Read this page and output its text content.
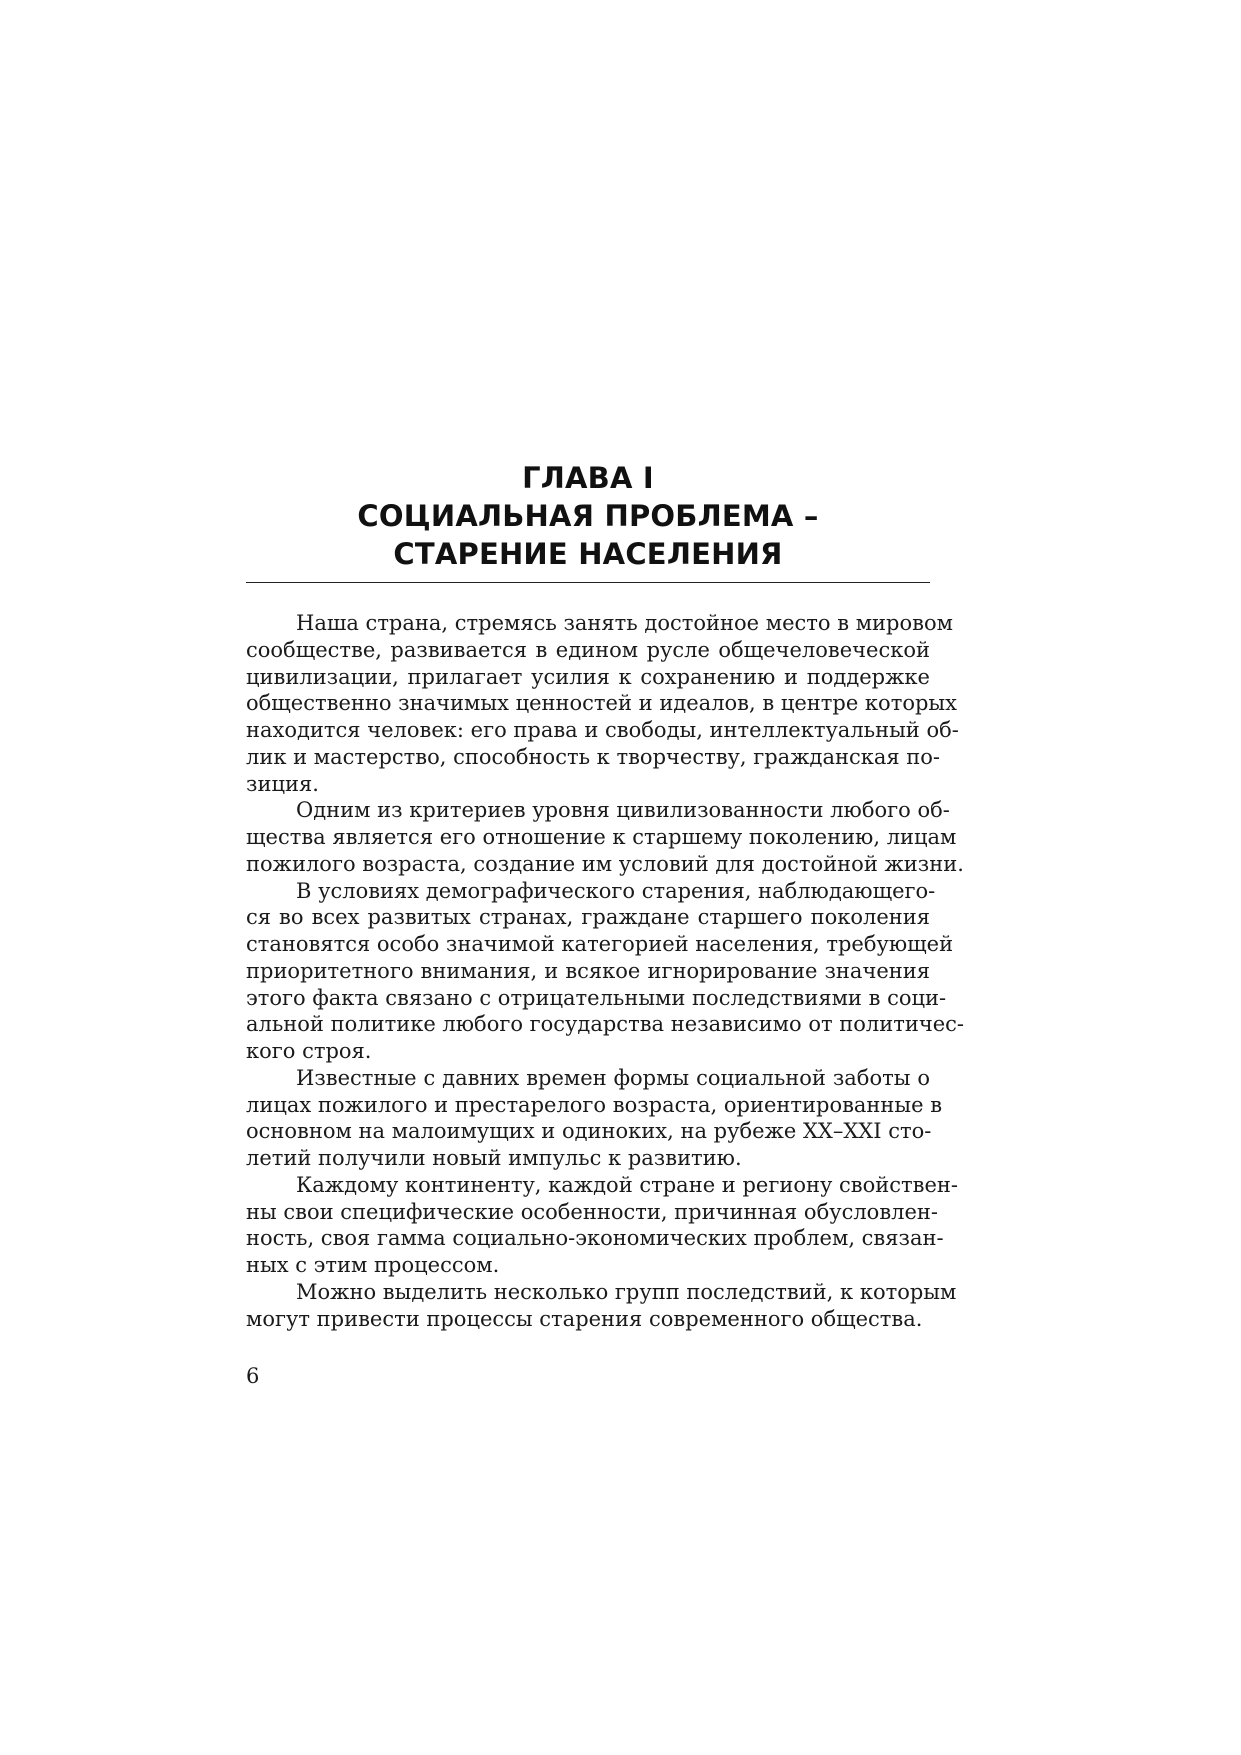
ГЛАВА I
СОЦИАЛЬНАЯ ПРОБЛЕМА –
СТАРЕНИЕ НАСЕЛЕНИЯ
Наша страна, стремясь занять достойное место в мировом
сообществе, развивается в едином русле общечеловеческой
цивилизации, прилагает усилия к сохранению и поддержке
общественно значимых ценностей и идеалов, в центре которых
находится человек: его права и свободы, интеллектуальный об-
лик и мастерство, способность к творчеству, гражданская по-
зиция.
Одним из критериев уровня цивилизованности любого об-
щества является его отношение к старшему поколению, лицам
пожилого возраста, создание им условий для достойной жизни.
В условиях демографического старения, наблюдающего-
ся во всех развитых странах, граждане старшего поколения
становятся особо значимой категорией населения, требующей
приоритетного внимания, и всякое игнорирование значения
этого факта связано с отрицательными последствиями в соци-
альной политике любого государства независимо от политичес-
кого строя.
Известные с давних времен формы социальной заботы о
лицах пожилого и престарелого возраста, ориентированные в
основном на малоимущих и одиноких, на рубеже XX–XXI сто-
летий получили новый импульс к развитию.
Каждому континенту, каждой стране и региону свойствен-
ны свои специфические особенности, причинная обусловлен-
ность, своя гамма социально-экономических проблем, связан-
ных с этим процессом.
Можно выделить несколько групп последствий, к которым
могут привести процессы старения современного общества.
6
